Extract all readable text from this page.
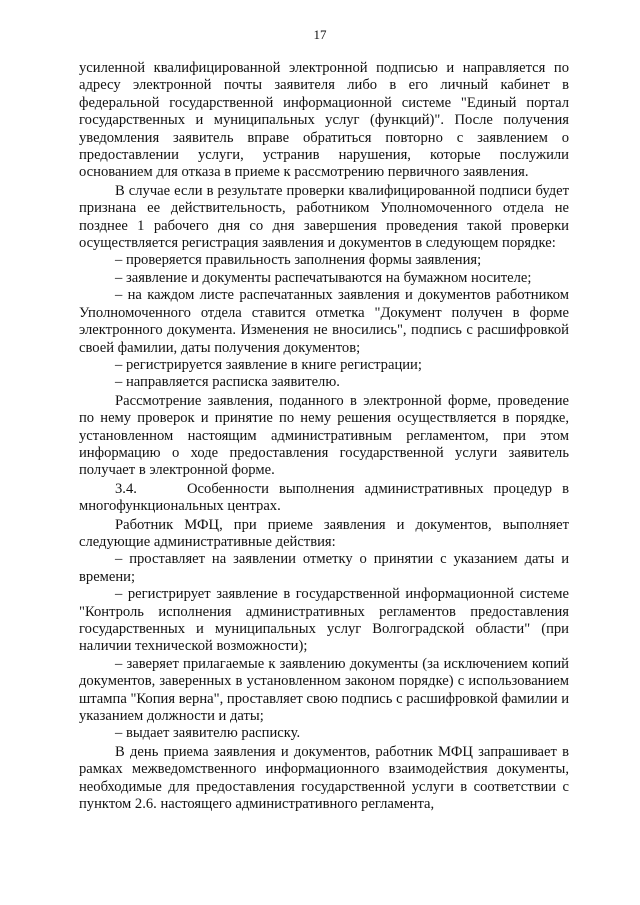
17

усиленной квалифицированной электронной подписью и направляется по адресу электронной почты заявителя либо в его личный кабинет в федеральной государственной информационной системе "Единый портал государственных и муниципальных услуг (функций)". После получения уведомления заявитель вправе обратиться повторно с заявлением о предоставлении услуги, устранив нарушения, которые послужили основанием для отказа в приеме к рассмотрению первичного заявления.

В случае если в результате проверки квалифицированной подписи будет признана ее действительность, работником Уполномоченного отдела не позднее 1 рабочего дня со дня завершения проведения такой проверки осуществляется регистрация заявления и документов в следующем порядке:

– проверяется правильность заполнения формы заявления;

– заявление и документы распечатываются на бумажном носителе;

– на каждом листе распечатанных заявления и документов работником Уполномоченного отдела ставится отметка "Документ получен в форме электронного документа. Изменения не вносились", подпись с расшифровкой своей фамилии, даты получения документов;

– регистрируется заявление в книге регистрации;

– направляется расписка заявителю.

Рассмотрение заявления, поданного в электронной форме, проведение по нему проверок и принятие по нему решения осуществляется в порядке, установленном настоящим административным регламентом, при этом информацию о ходе предоставления государственной услуги заявитель получает в электронной форме.

3.4.	Особенности выполнения административных процедур в многофункциональных центрах.

Работник МФЦ, при приеме заявления и документов, выполняет следующие административные действия:

– проставляет на заявлении отметку о принятии с указанием даты и времени;

– регистрирует заявление в государственной информационной системе "Контроль исполнения административных регламентов предоставления государственных и муниципальных услуг Волгоградской области" (при наличии технической возможности);

– заверяет прилагаемые к заявлению документы (за исключением копий документов, заверенных в установленном законом порядке) с использованием штампа "Копия верна", проставляет свою подпись с расшифровкой фамилии и указанием должности и даты;

– выдает заявителю расписку.

В день приема заявления и документов, работник МФЦ запрашивает в рамках межведомственного информационного взаимодействия документы, необходимые для предоставления государственной услуги в соответствии с пунктом 2.6. настоящего административного регламента,
